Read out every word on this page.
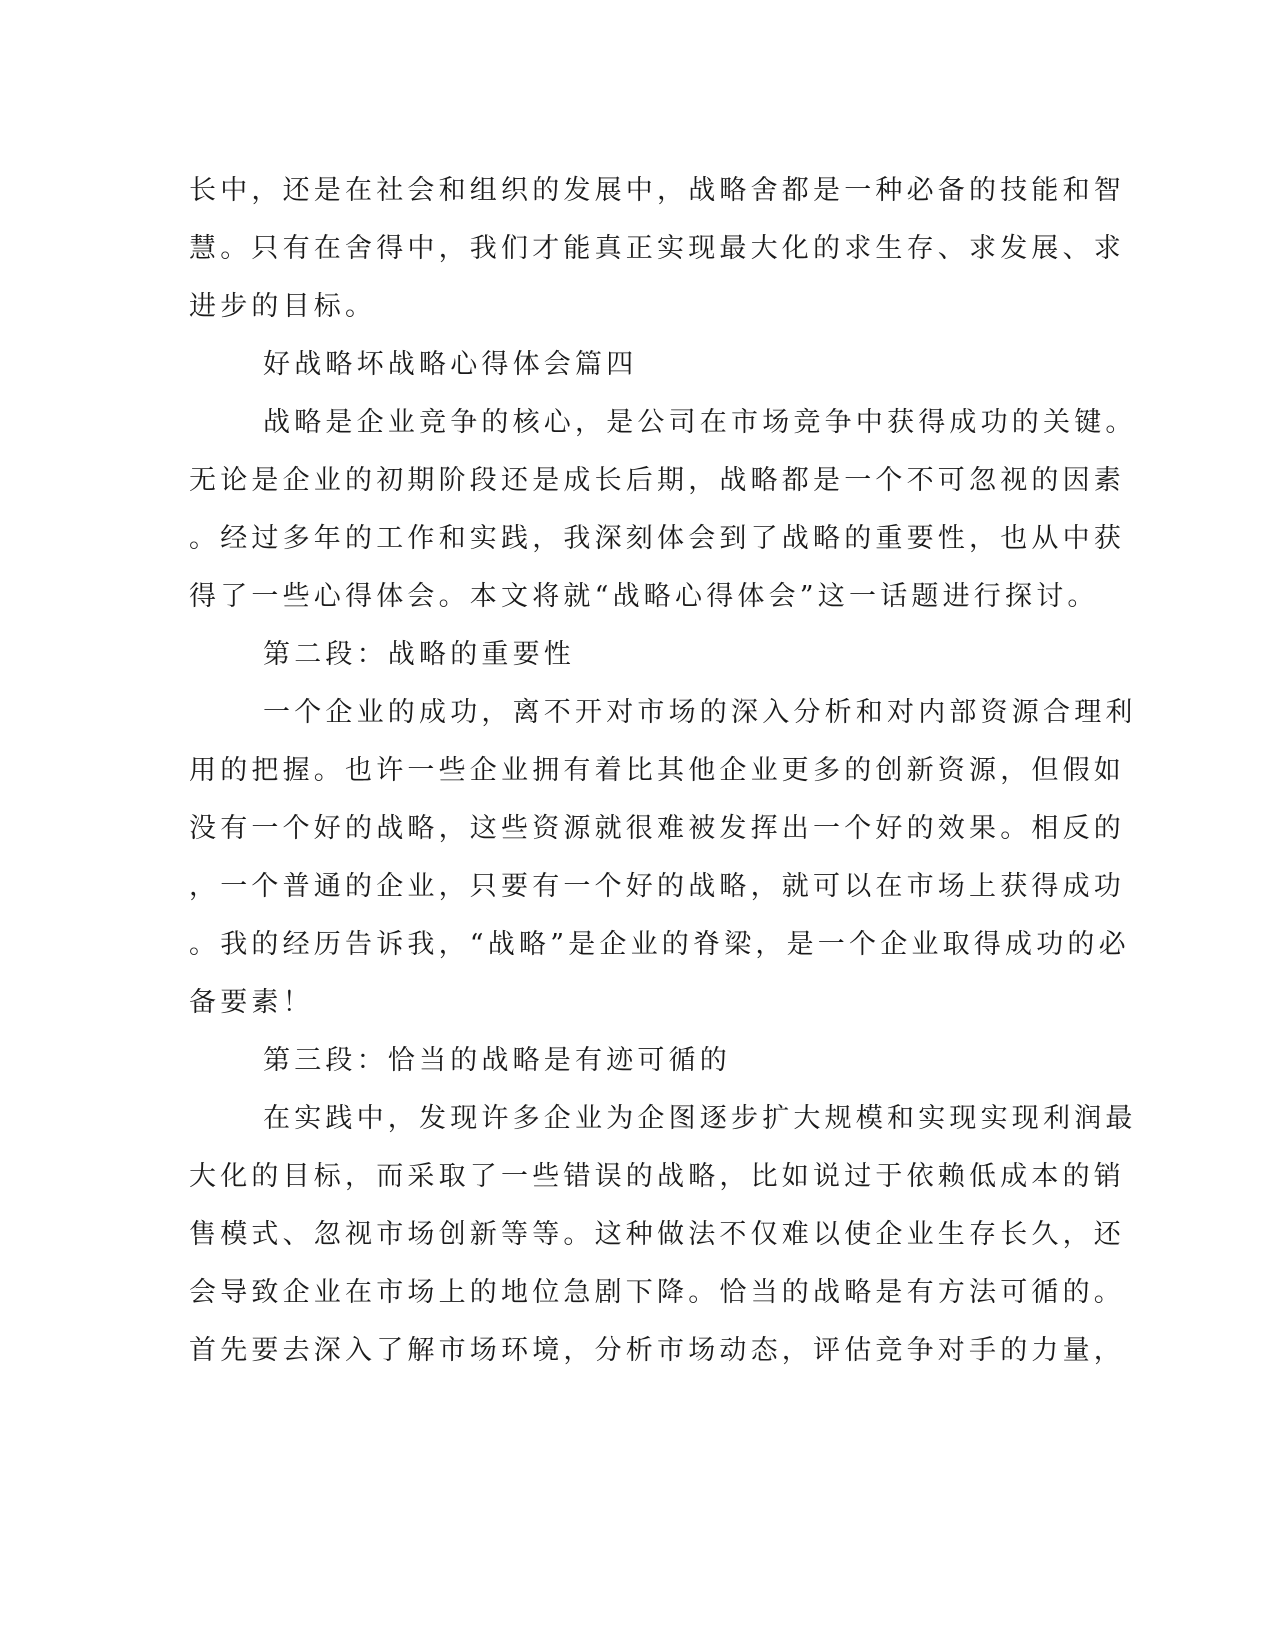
长中，还是在社会和组织的发展中，战略舍都是一种必备的技能和智

慧。只有在舍得中，我们才能真正实现最大化的求生存、求发展、求

进步的目标。

好战略坏战略心得体会篇四

战略是企业竞争的核心，是公司在市场竞争中获得成功的关键。

无论是企业的初期阶段还是成长后期，战略都是一个不可忽视的因素

。经过多年的工作和实践，我深刻体会到了战略的重要性，也从中获

得了一些心得体会。本文将就“战略心得体会”这一话题进行探讨。

第二段：战略的重要性

一个企业的成功，离不开对市场的深入分析和对内部资源合理利

用的把握。也许一些企业拥有着比其他企业更多的创新资源，但假如

没有一个好的战略，这些资源就很难被发挥出一个好的效果。相反的

，一个普通的企业，只要有一个好的战略，就可以在市场上获得成功

。我的经历告诉我，“战略”是企业的脊梁，是一个企业取得成功的必

备要素！

第三段：恰当的战略是有迹可循的

在实践中，发现许多企业为企图逐步扩大规模和实现实现利润最

大化的目标，而采取了一些错误的战略，比如说过于依赖低成本的销

售模式、忽视市场创新等等。这种做法不仅难以使企业生存长久，还

会导致企业在市场上的地位急剧下降。恰当的战略是有方法可循的。

首先要去深入了解市场环境，分析市场动态，评估竞争对手的力量，
